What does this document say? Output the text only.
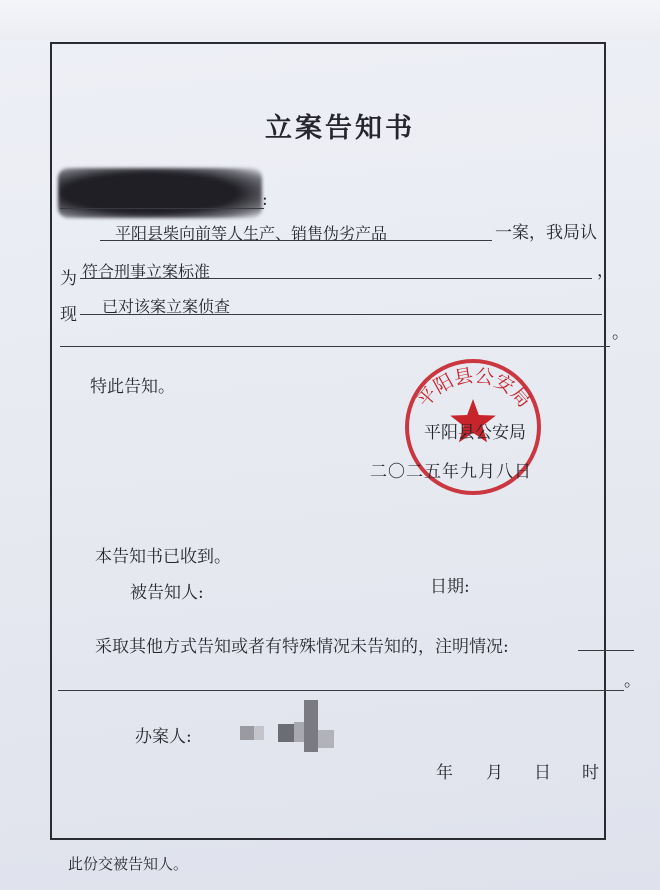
立案告知书
:
平阳县柴向前等人生产、销售伪劣产品	一案，我局认
为 符合刑事立案标准	，
现 已对该案立案侦查
。
特此告知。	平阳县公安局
平阳县公安局
二〇二五年九月八日
本告知书已收到。
被告知人:	日期:
采取其他方式告知或者有特殊情况未告知的，注明情况:
。
办案人:
年 月 日 时
此份交被告知人。
